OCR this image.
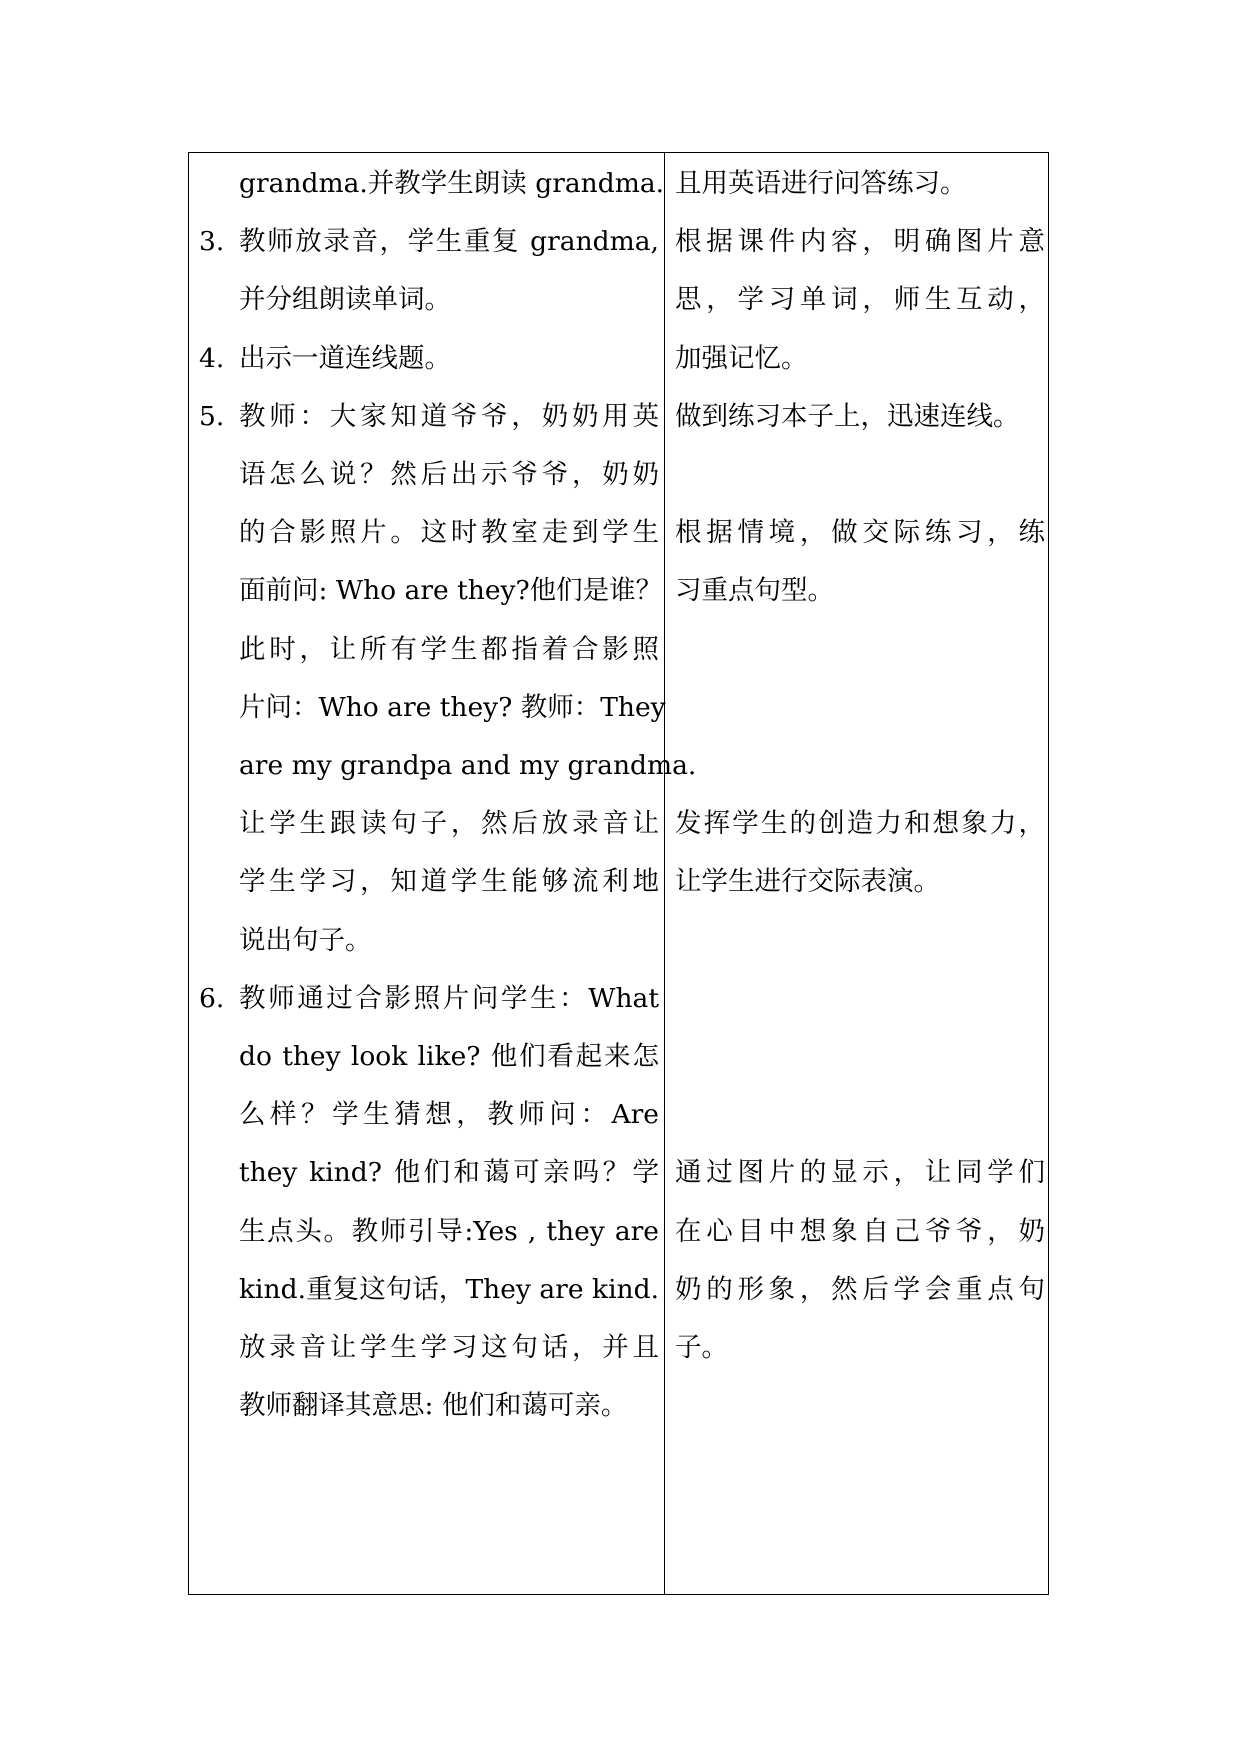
grandma.并教学生朗读 grandma.
3. 教师放录音，学生重复 grandma,
并分组朗读单词。
4. 出示一道连线题。
5. 教师：大家知道爷爷，奶奶用英
语怎么说？然后出示爷爷，奶奶
的合影照片。这时教室走到学生
面前问: Who are they?他们是谁？
此时，让所有学生都指着合影照
片问：Who are they? 教师：They
are my grandpa and my grandma.
让学生跟读句子，然后放录音让
学生学习，知道学生能够流利地
说出句子。
6. 教师通过合影照片问学生：What
do they look like? 他们看起来怎
么样？学生猜想，教师问：Are
they kind? 他们和蔼可亲吗？学
生点头。教师引导:Yes , they are
kind.重复这句话，They are kind.
放录音让学生学习这句话，并且
教师翻译其意思: 他们和蔼可亲。
且用英语进行问答练习。
根据课件内容，明确图片意
思，学习单词，师生互动，
加强记忆。
做到练习本子上，迅速连线。
根据情境，做交际练习，练
习重点句型。
发挥学生的创造力和想象力，
让学生进行交际表演。
通过图片的显示，让同学们
在心目中想象自己爷爷，奶
奶的形象，然后学会重点句
子。
